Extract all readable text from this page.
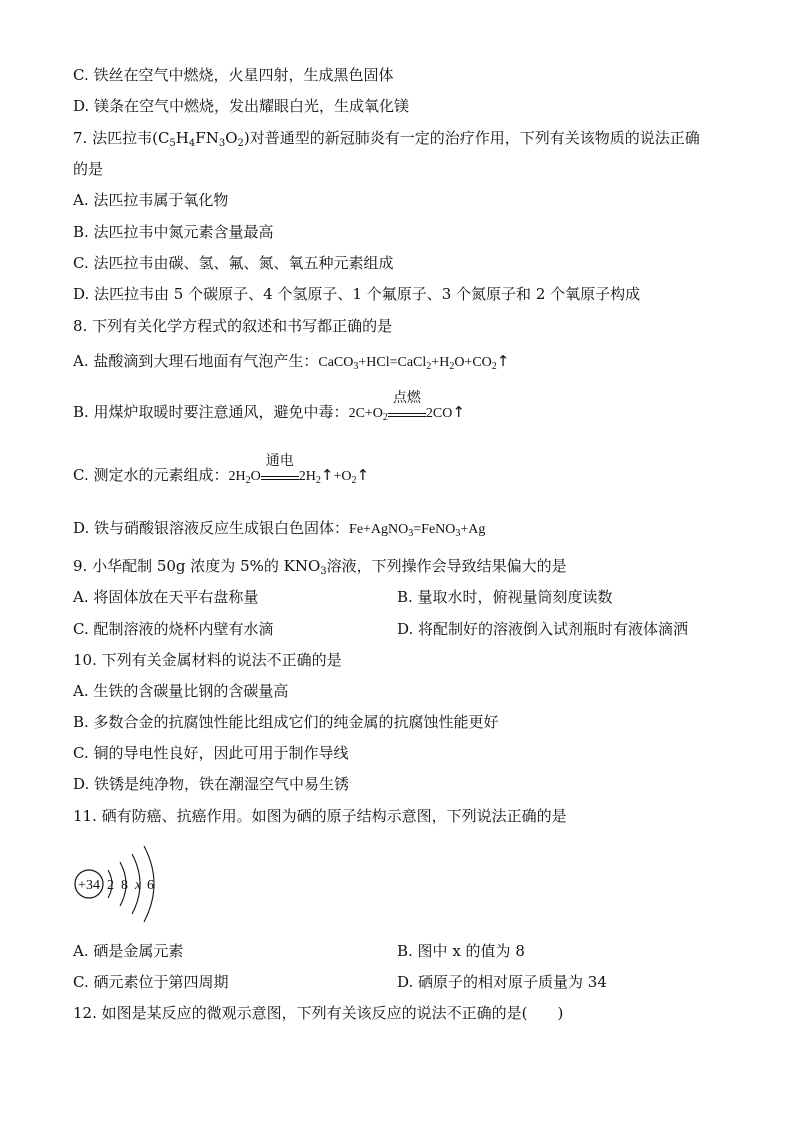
C. 铁丝在空气中燃烧，火星四射，生成黑色固体
D. 镁条在空气中燃烧，发出耀眼白光，生成氧化镁
7. 法匹拉韦$(C_5H_4FN_3O_2)$对普通型的新冠肺炎有一定的治疗作用，下列有关该物质的说法正确
的是
A. 法匹拉韦属于氧化物
B. 法匹拉韦中氮元素含量最高
C. 法匹拉韦由碳、氢、氟、氮、氧五种元素组成
D. 法匹拉韦由 5 个碳原子、4 个氢原子、1 个氟原子、3 个氮原子和 2 个氧原子构成
8. 下列有关化学方程式的叙述和书写都正确的是
A. 盐酸滴到大理石地面有气泡产生：$CaCO_3+HCl=CaCl_2+H_2O+CO_2↑$
B. 用煤炉取暖时要注意通风，避免中毒：$2C+O_2$
点燃
2CO↑
C. 测定水的元素组成：$2H_2O$
通电
$2H_2↑+O_2↑$
D. 铁与硝酸银溶液反应生成银白色固体：Fe+AgNO$_3$=FeNO$_3$+Ag
9. 小华配制 50g 浓度为 5%的 $KNO_3$溶液，下列操作会导致结果偏大的是
A. 将固体放在天平右盘称量	B. 量取水时，俯视量筒刻度读数
C. 配制溶液的烧杯内壁有水滴	D. 将配制好的溶液倒入试剂瓶时有液体滴洒
10. 下列有关金属材料的说法不正确的是
A. 生铁的含碳量比钢的含碳量高
B. 多数合金的抗腐蚀性能比组成它们的纯金属的抗腐蚀性能更好
C. 铜的导电性良好，因此可用于制作导线
D. 铁锈是纯净物，铁在潮湿空气中易生锈
11. 硒有防癌、抗癌作用。如图为硒的原子结构示意图，下列说法正确的是
+34 2 8 x 6
A. 硒是金属元素	B. 图中 x 的值为 8
C. 硒元素位于第四周期	D. 硒原子的相对原子质量为 34
12. 如图是某反应的微观示意图，下列有关该反应的说法不正确的是(　　)
